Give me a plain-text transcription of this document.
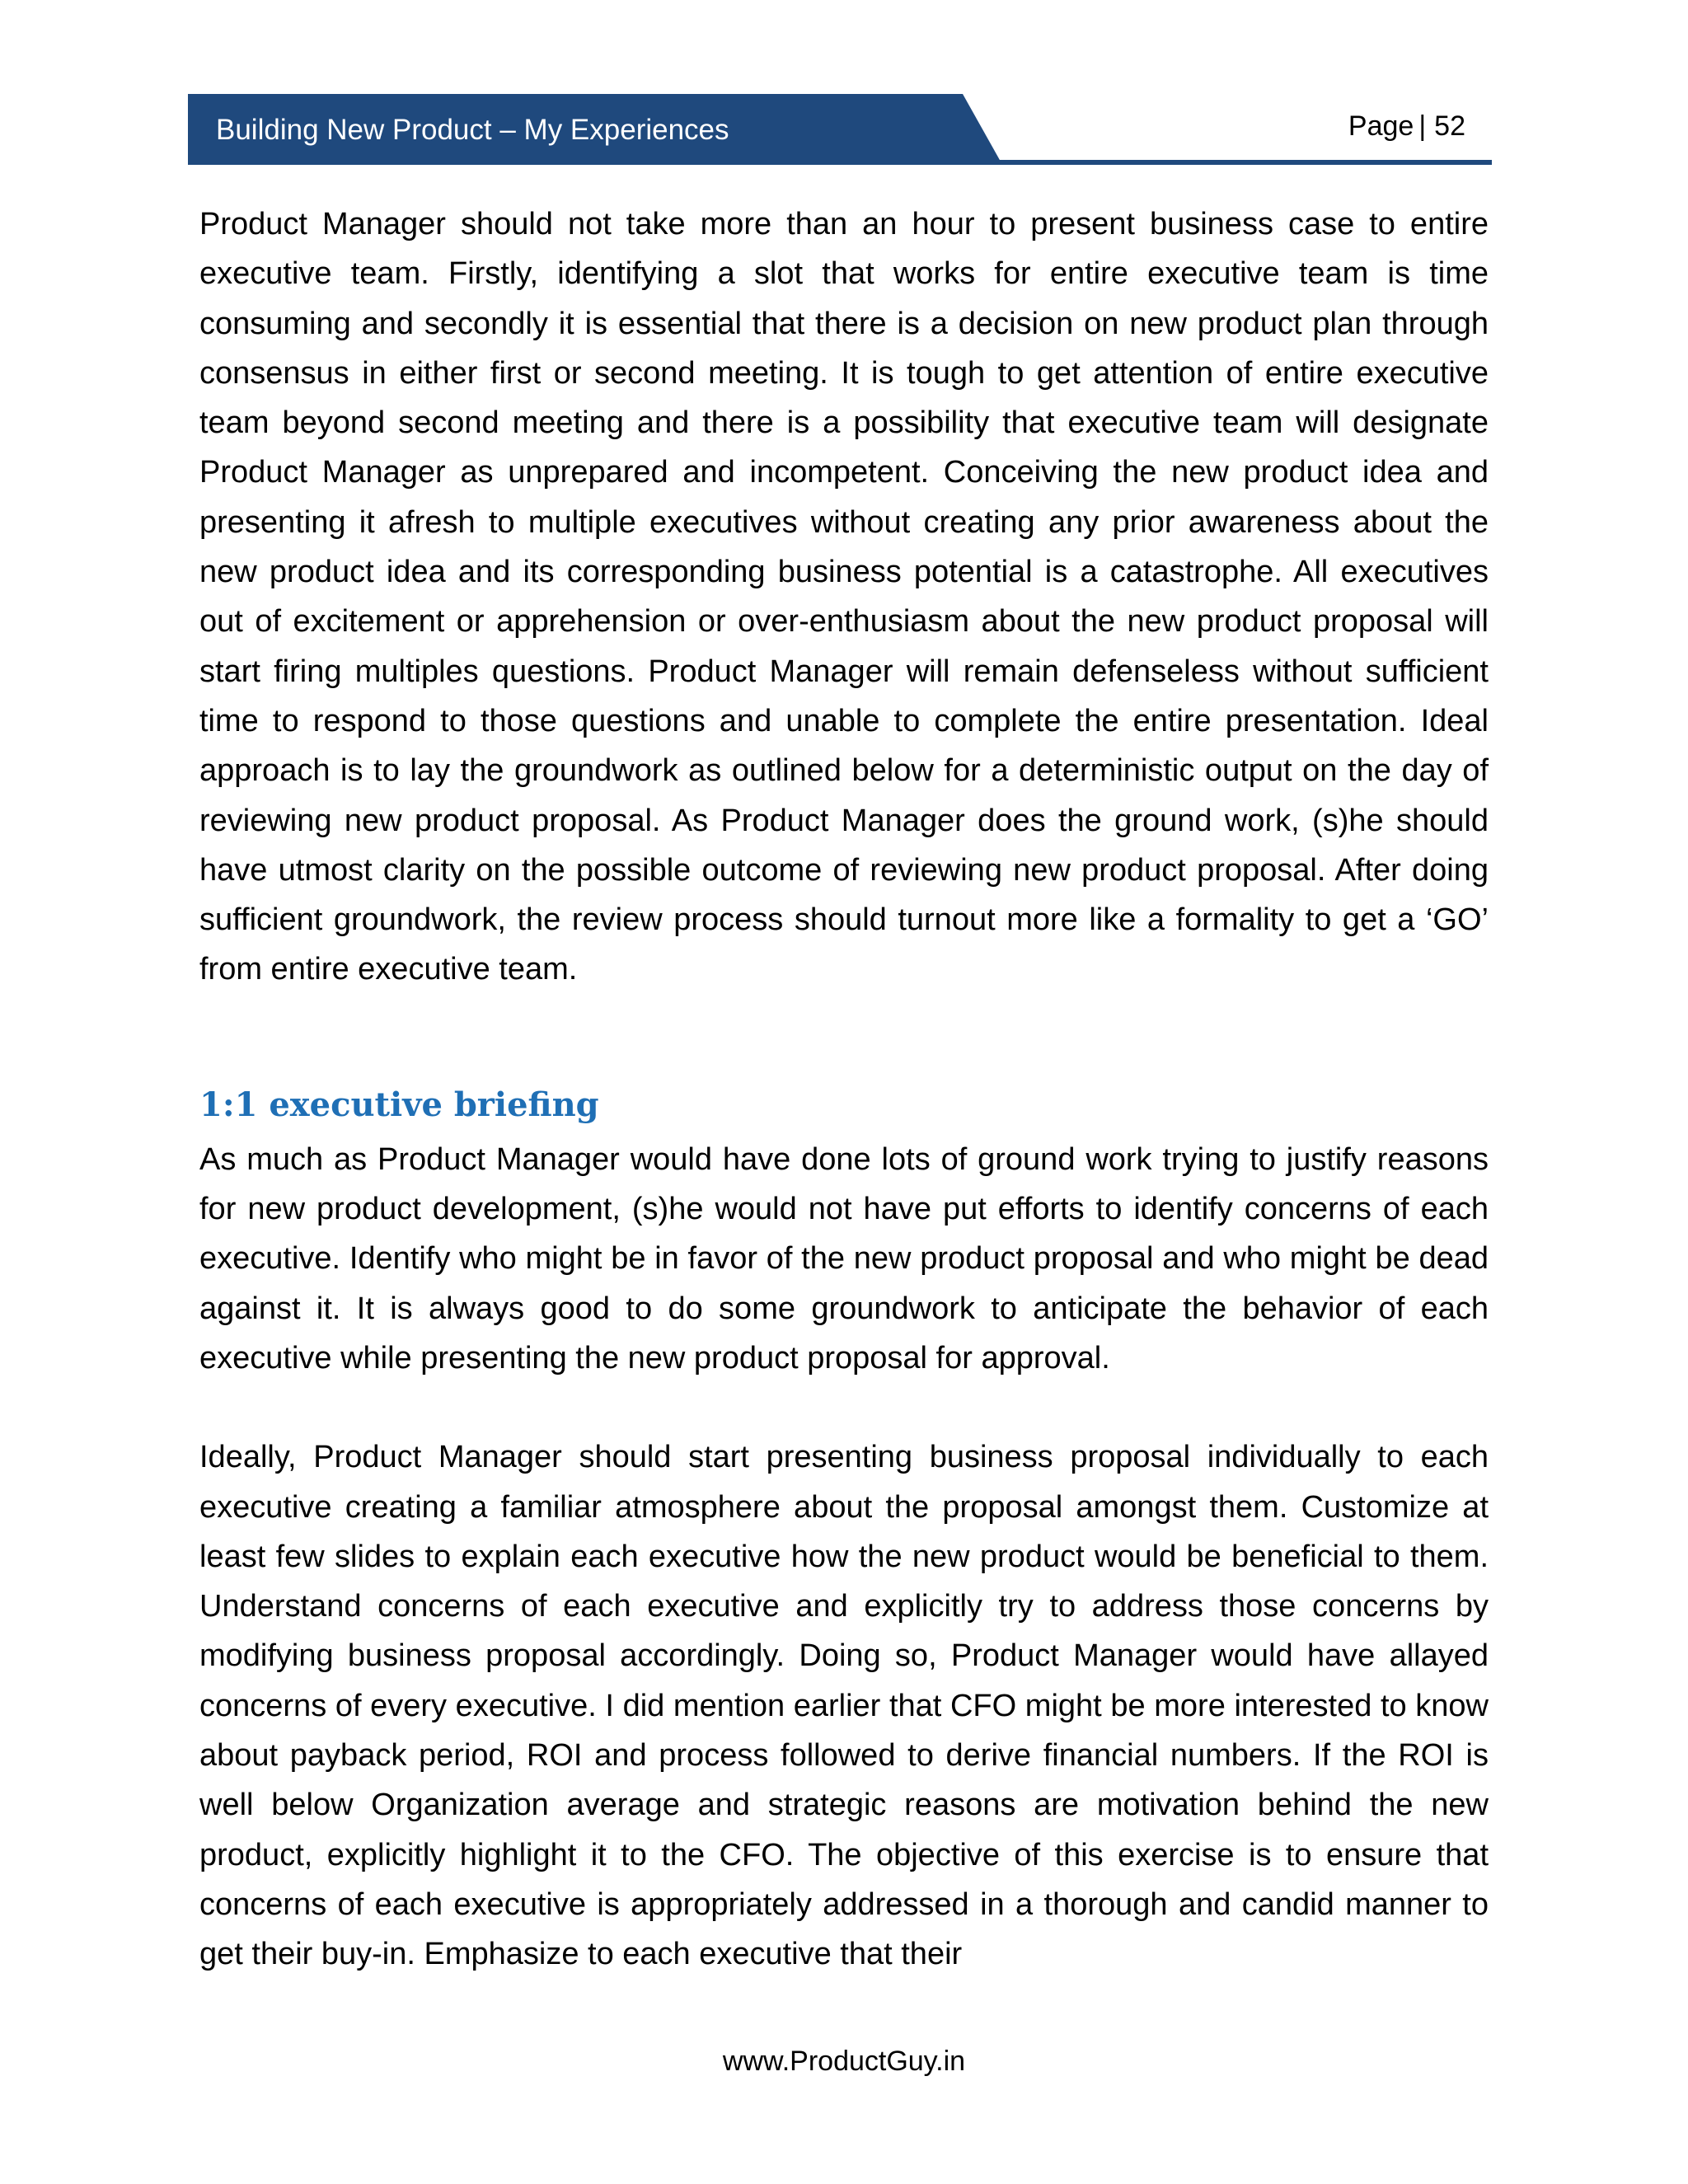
Building New Product – My Experiences	Page | 52

Product Manager should not take more than an hour to present business case to entire executive team. Firstly, identifying a slot that works for entire executive team is time consuming and secondly it is essential that there is a decision on new product plan through consensus in either first or second meeting. It is tough to get attention of entire executive team beyond second meeting and there is a possibility that executive team will designate Product Manager as unprepared and incompetent. Conceiving the new product idea and presenting it afresh to multiple executives without creating any prior awareness about the new product idea and its corresponding business potential is a catastrophe. All executives out of excitement or apprehension or over-enthusiasm about the new product proposal will start firing multiples questions. Product Manager will remain defenseless without sufficient time to respond to those questions and unable to complete the entire presentation. Ideal approach is to lay the groundwork as outlined below for a deterministic output on the day of reviewing new product proposal. As Product Manager does the ground work, (s)he should have utmost clarity on the possible outcome of reviewing new product proposal. After doing sufficient groundwork, the review process should turnout more like a formality to get a ‘GO’ from entire executive team.

1:1 executive briefing

As much as Product Manager would have done lots of ground work trying to justify reasons for new product development, (s)he would not have put efforts to identify concerns of each executive. Identify who might be in favor of the new product proposal and who might be dead against it. It is always good to do some groundwork to anticipate the behavior of each executive while presenting the new product proposal for approval.

Ideally, Product Manager should start presenting business proposal individually to each executive creating a familiar atmosphere about the proposal amongst them. Customize at least few slides to explain each executive how the new product would be beneficial to them. Understand concerns of each executive and explicitly try to address those concerns by modifying business proposal accordingly. Doing so, Product Manager would have allayed concerns of every executive. I did mention earlier that CFO might be more interested to know about payback period, ROI and process followed to derive financial numbers. If the ROI is well below Organization average and strategic reasons are motivation behind the new product, explicitly highlight it to the CFO. The objective of this exercise is to ensure that concerns of each executive is appropriately addressed in a thorough and candid manner to get their buy-in. Emphasize to each executive that their

www.ProductGuy.in
